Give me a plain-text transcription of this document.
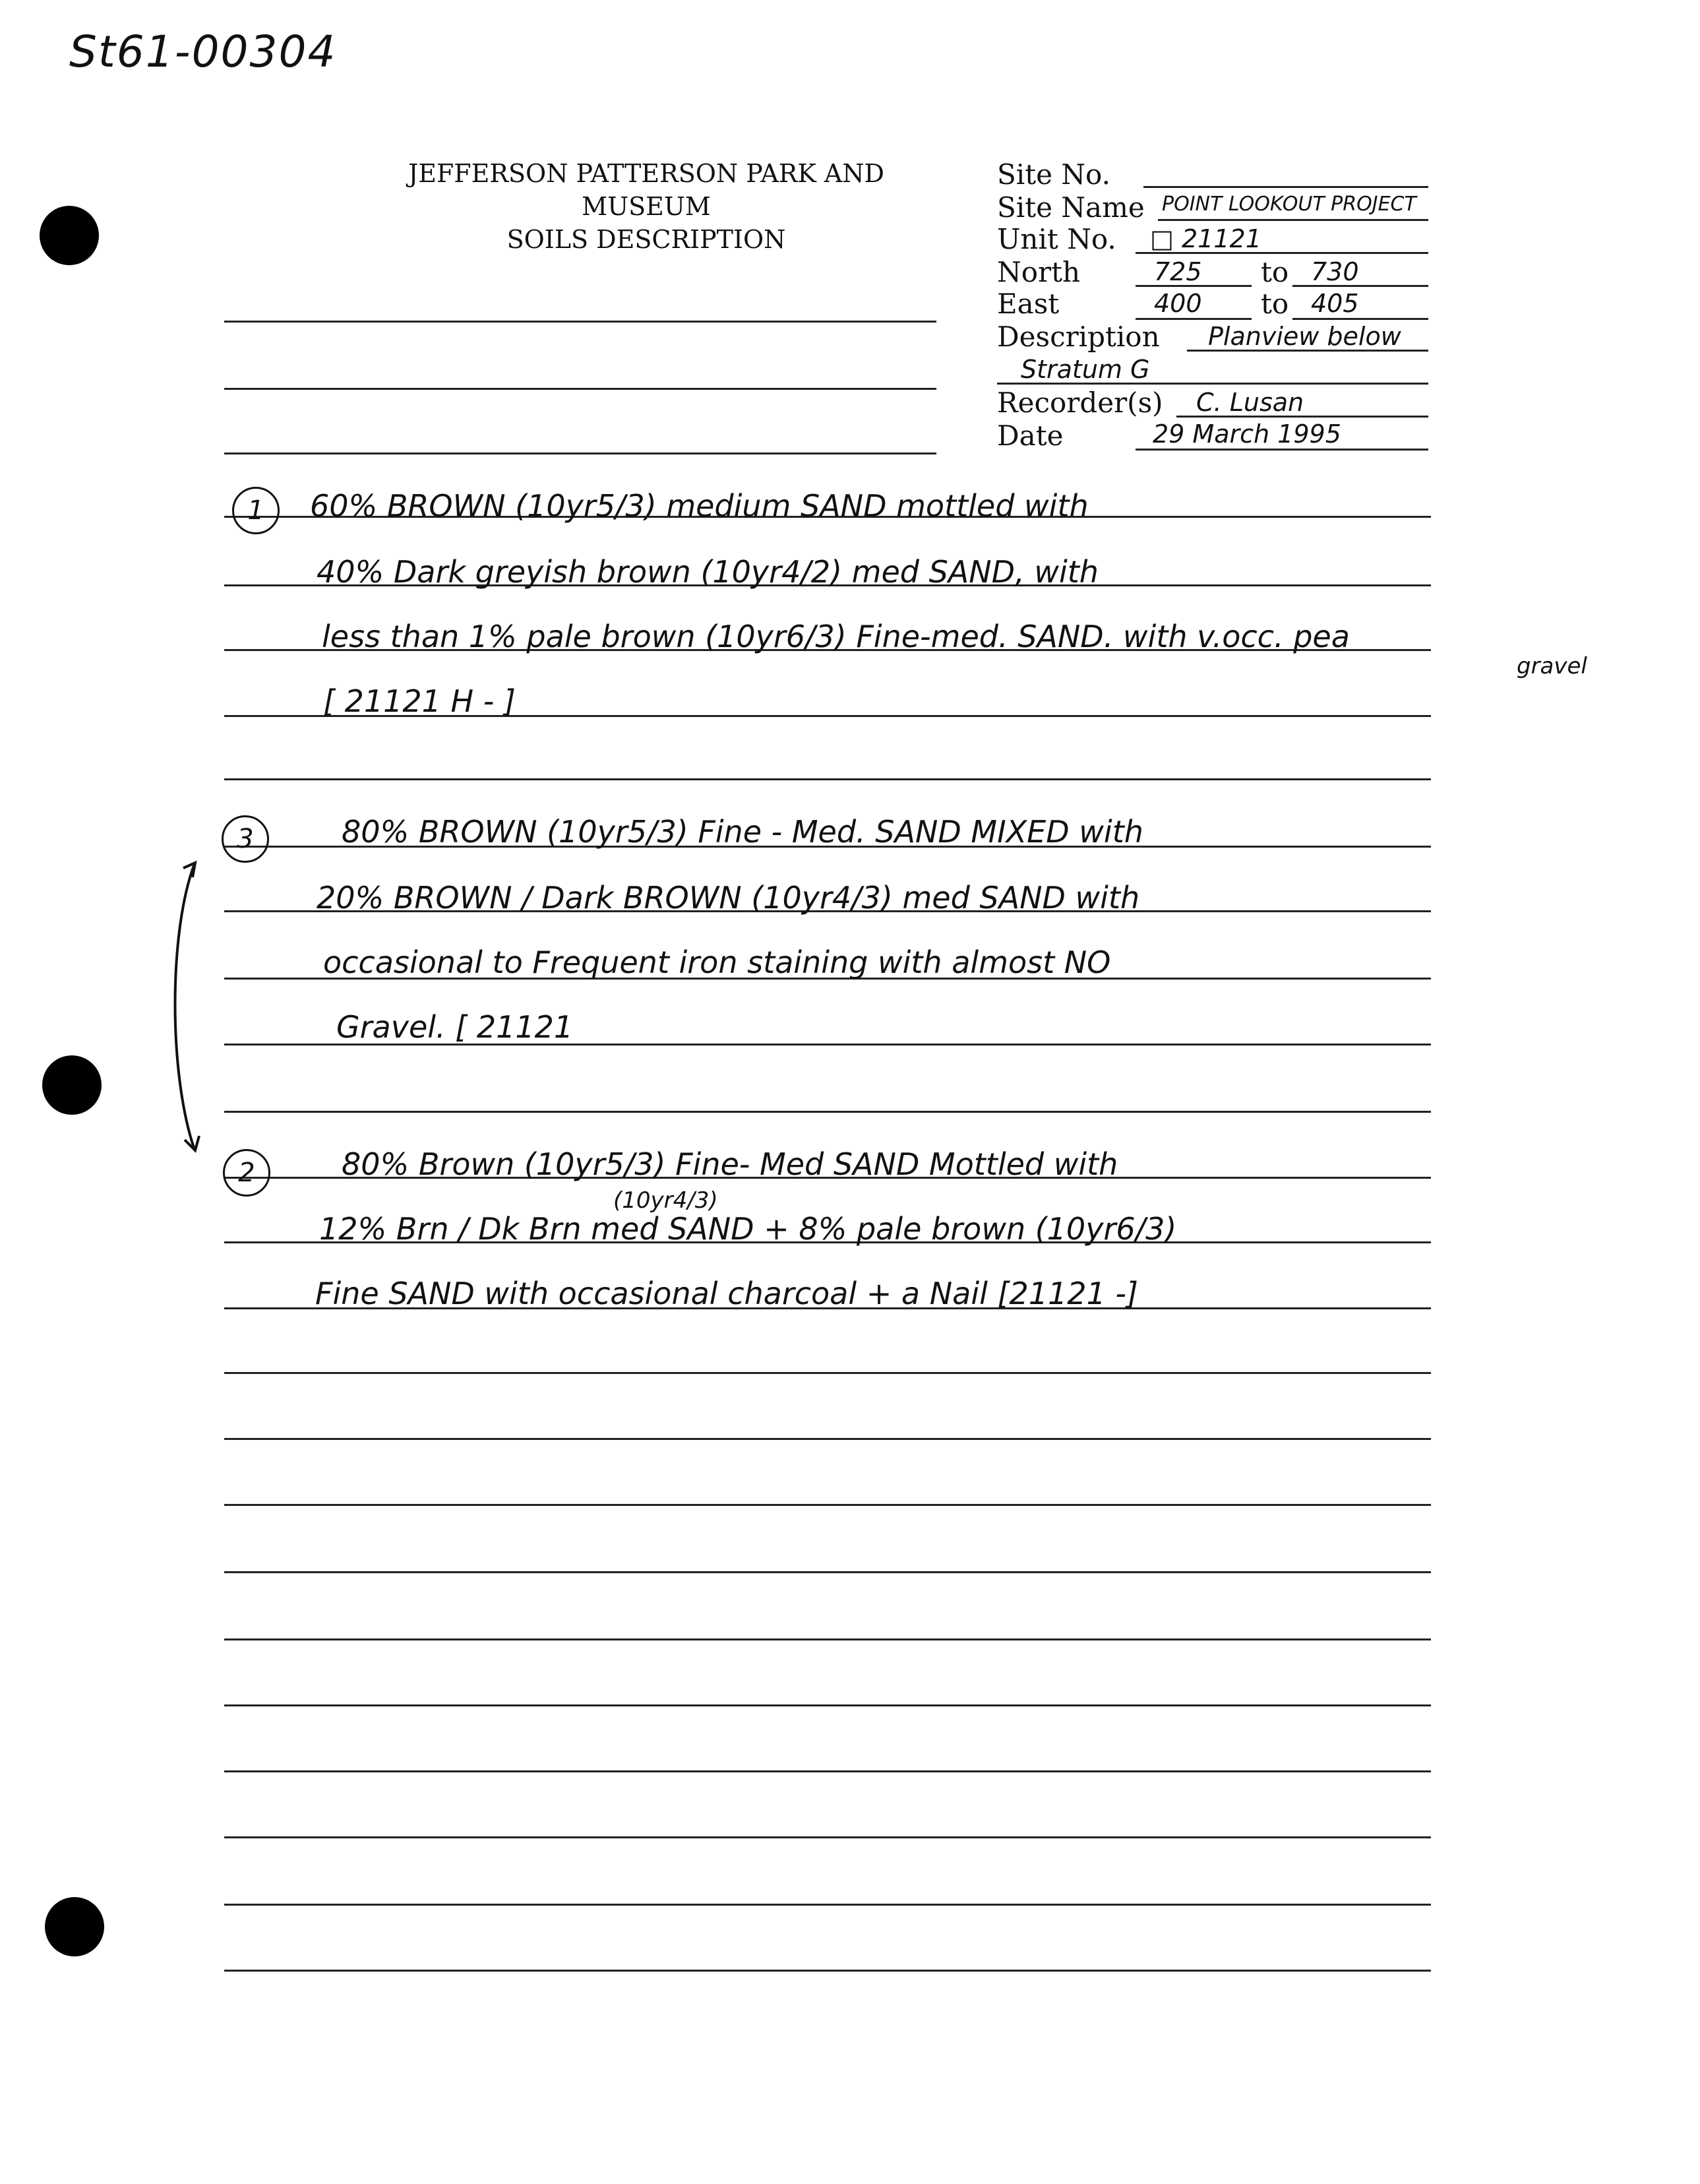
St61-00304
JEFFERSON PATTERSON PARK AND MUSEUM
SOILS DESCRIPTION
Site No.
Site Name POINT LOOKOUT PROJECT
Unit No. □ 21121
North	725 to 730
East	400 to 405
Description Planview below
Stratum G
Recorder(s) C. Lusan
Date	29 March 1995
1	60% BROWN (10yr5/3) medium SAND mottled with
40% Dark greyish brown (10yr4/2) med SAND, with
less than 1% pale brown (10yr6/3) Fine-med. SAND. with v.occ. pea
gravel
[ 21121 H - ]
3	80% BROWN (10yr5/3) Fine - Med. SAND MIXED with
20% BROWN / Dark BROWN (10yr4/3) med SAND with
occasional to Frequent iron staining with almost NO
Gravel. [ 21121
2	80% Brown (10yr5/3) Fine- Med SAND Mottled with
(10yr4/3)
12% Brn / Dk Brn med SAND + 8% pale brown (10yr6/3)
Fine SAND with occasional charcoal + a Nail [21121 -]
